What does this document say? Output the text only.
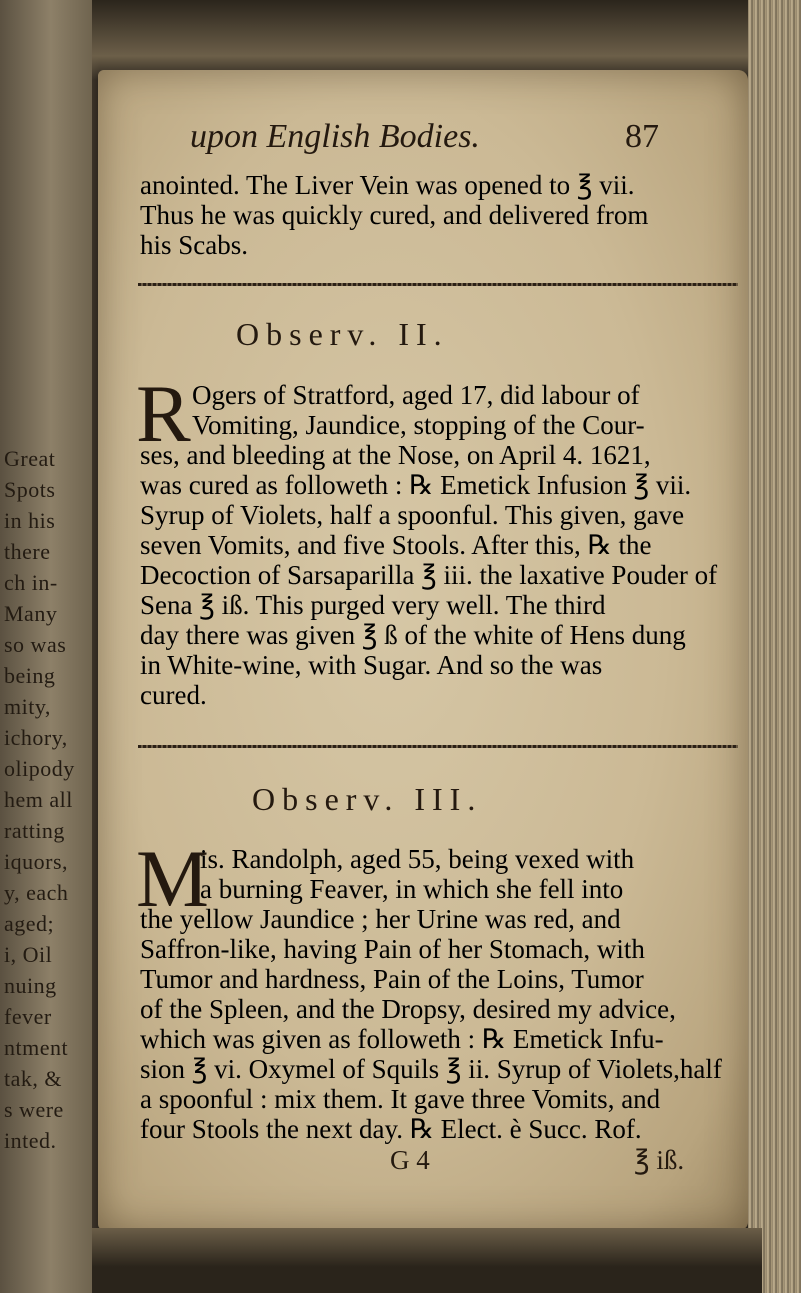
Great
Spots
in his
there
ch in-
Many
so was
being
mity,
ichory,
olipody
hem all
ratting
iquors,
y, each
aged;
i, Oil
nuing
fever
ntment
tak, &
s were
inted.
upon English Bodies.	87
anointed. The Liver Vein was opened to ℥ vii.
Thus he was quickly cured, and delivered from
his Scabs.
Observ. II.
R Ogers of Stratford, aged 17, did labour of
Vomiting, Jaundice, stopping of the Cour-
ses, and bleeding at the Nose, on April 4. 1621,
was cured as followeth : ℞ Emetick Infusion ℥ vii.
Syrup of Violets, half a spoonful. This given, gave
seven Vomits, and five Stools. After this, ℞ the
Decoction of Sarsaparilla ℥ iii. the laxative Pouder of
Sena ℥ iß. This purged very well. The third
day there was given ℥ ß of the white of Hens dung
in White-wine, with Sugar. And so the was
cured.
Observ. III.
M
is. Randolph, aged 55, being vexed with
a burning Feaver, in which she fell into
the yellow Jaundice ; her Urine was red, and
Saffron-like, having Pain of her Stomach, with
Tumor and hardness, Pain of the Loins, Tumor
of the Spleen, and the Dropsy, desired my advice,
which was given as followeth : ℞ Emetick Infu-
sion ℥ vi. Oxymel of Squils ℥ ii. Syrup of Violets,half
a spoonful : mix them. It gave three Vomits, and
four Stools the next day. ℞ Elect. è Succ. Rof.
G 4	℥ iß.
